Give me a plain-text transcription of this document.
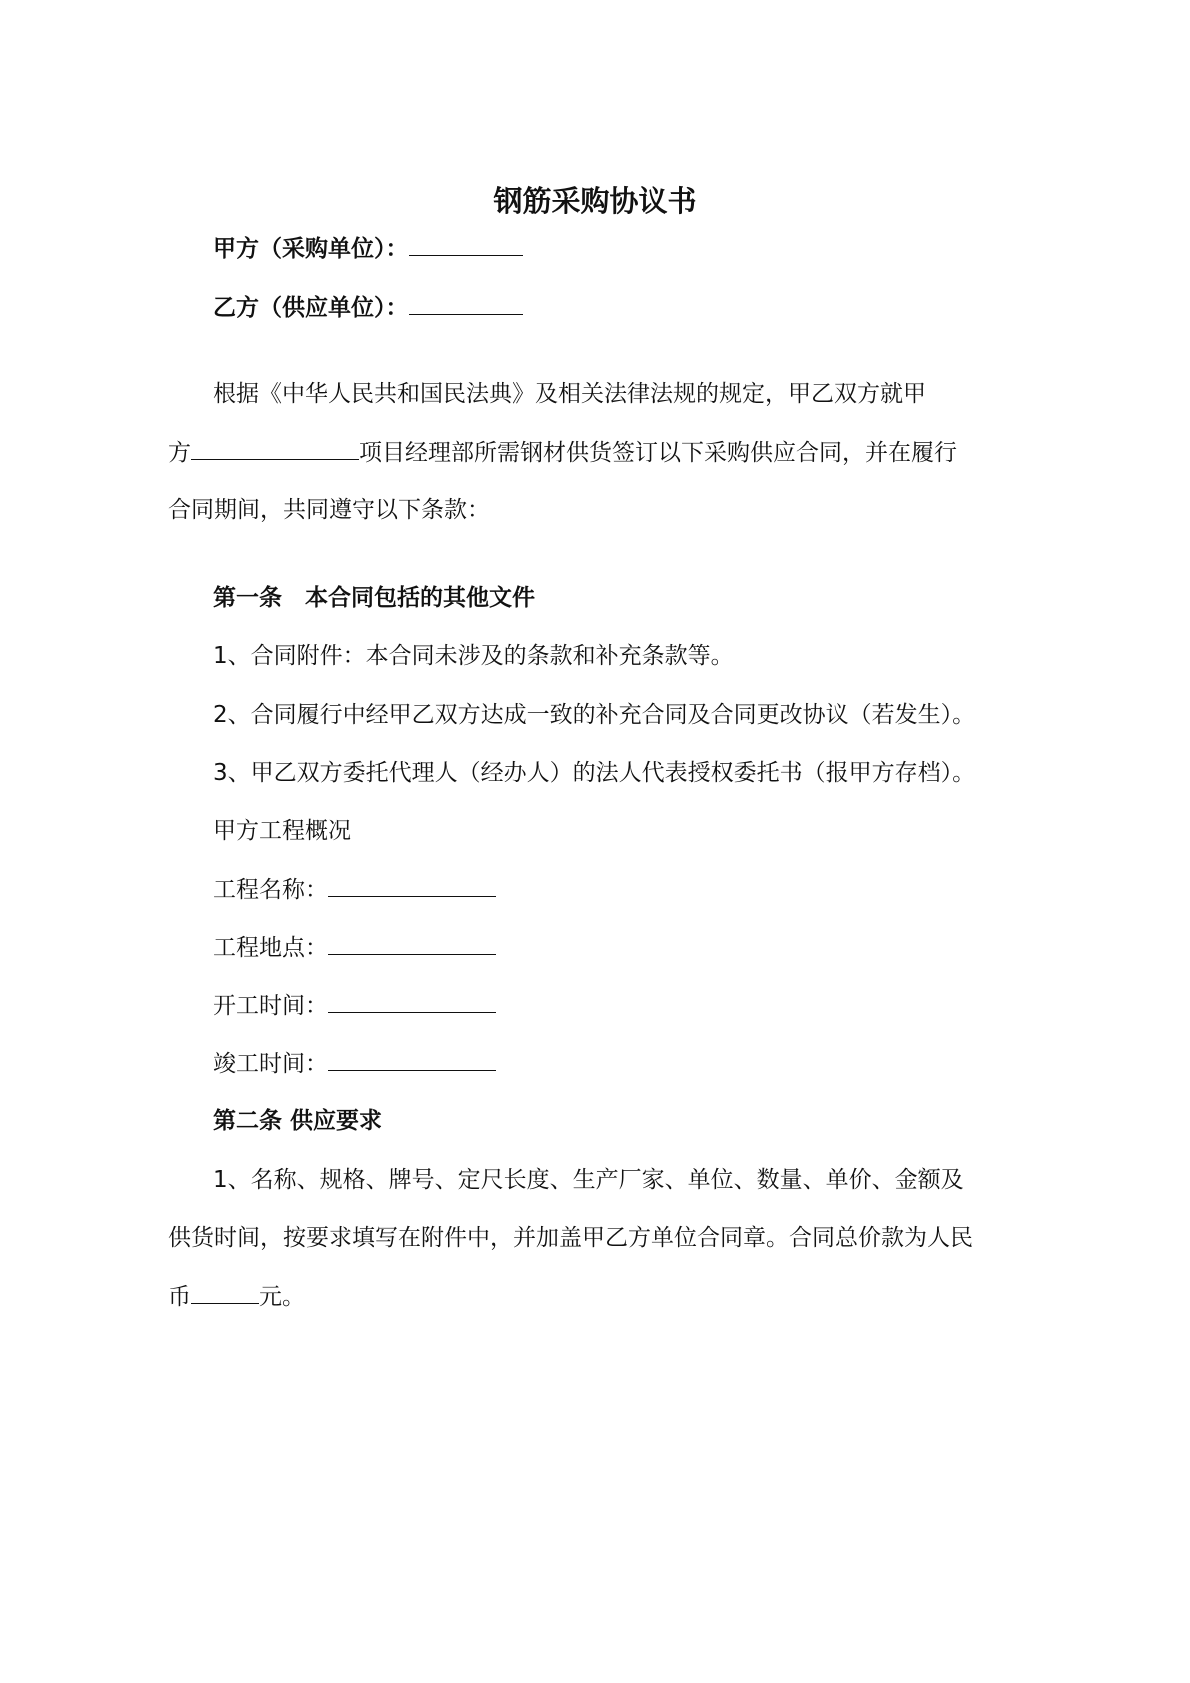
钢筋采购协议书
甲方（采购单位）：
乙方（供应单位）：
根据《中华人民共和国民法典》及相关法律法规的规定，甲乙双方就甲
方	项目经理部所需钢材供货签订以下采购供应合同，并在履行
合同期间，共同遵守以下条款：
第一条　本合同包括的其他文件
1、合同附件：本合同未涉及的条款和补充条款等。
2、合同履行中经甲乙双方达成一致的补充合同及合同更改协议（若发生）。
3、甲乙双方委托代理人（经办人）的法人代表授权委托书（报甲方存档）。
甲方工程概况
工程名称：
工程地点：
开工时间：
竣工时间：
第二条 供应要求
1、名称、规格、牌号、定尺长度、生产厂家、单位、数量、单价、金额及
供货时间，按要求填写在附件中，并加盖甲乙方单位合同章。合同总价款为人民
币	元。
